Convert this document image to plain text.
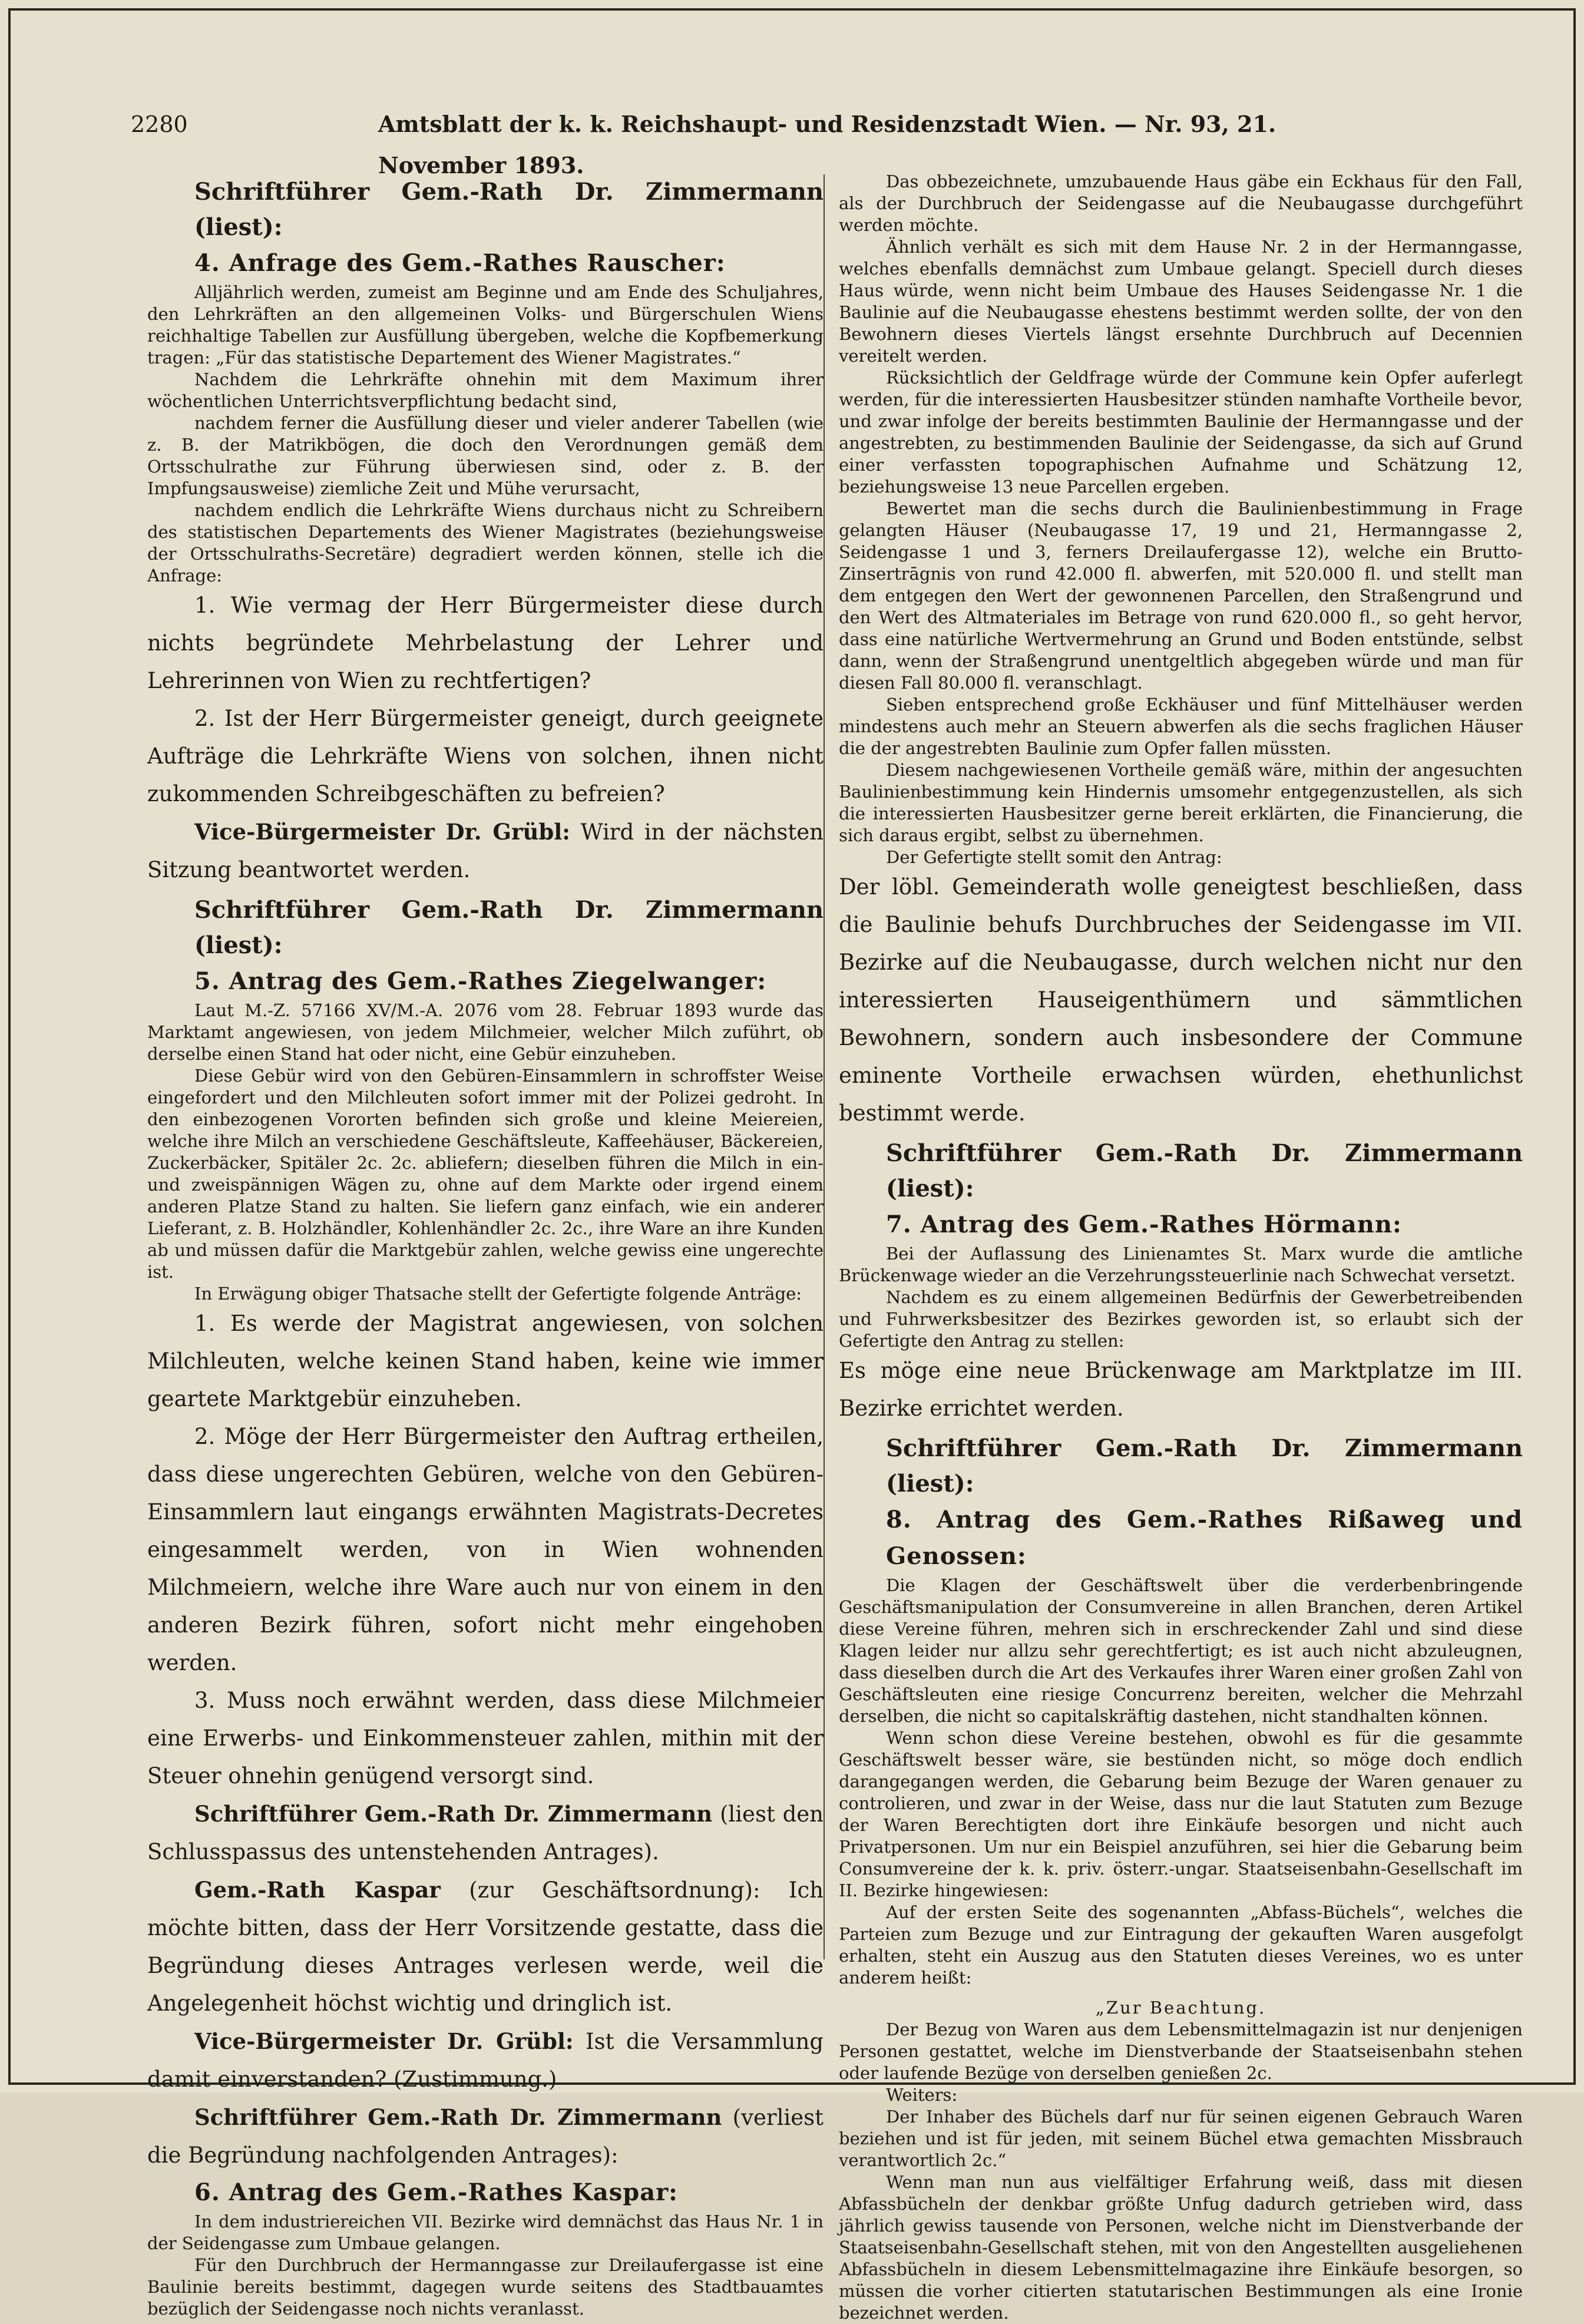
2280	Amtsblatt der k. k. Reichshaupt- und Residenzstadt Wien. — Nr. 93, 21. November 1893.

Schriftführer Gem.-Rath Dr. Zimmermann (liest):

4. Anfrage des Gem.-Rathes Rauscher:

Alljährlich werden, zumeist am Beginne und am Ende des Schuljahres, den Lehrkräften an den allgemeinen Volks- und Bürgerschulen Wiens reichhaltige Tabellen zur Ausfüllung übergeben, welche die Kopfbemerkung tragen: „Für das statistische Departement des Wiener Magistrates.“

Nachdem die Lehrkräfte ohnehin mit dem Maximum ihrer wöchentlichen Unterrichtsverpflichtung bedacht sind,

nachdem ferner die Ausfüllung dieser und vieler anderer Tabellen (wie z. B. der Matrikbögen, die doch den Verordnungen gemäß dem Ortsschulrathe zur Führung überwiesen sind, oder z. B. der Impfungsausweise) ziemliche Zeit und Mühe verursacht,

nachdem endlich die Lehrkräfte Wiens durchaus nicht zu Schreibern des statistischen Departements des Wiener Magistrates (beziehungsweise der Ortsschulraths-Secretäre) degradiert werden können, stelle ich die Anfrage:

1. Wie vermag der Herr Bürgermeister diese durch nichts begründete Mehrbelastung der Lehrer und Lehrerinnen von Wien zu rechtfertigen?

2. Ist der Herr Bürgermeister geneigt, durch geeignete Aufträge die Lehrkräfte Wiens von solchen, ihnen nicht zukommenden Schreibgeschäften zu befreien?

Vice-Bürgermeister Dr. Grübl: Wird in der nächsten Sitzung beantwortet werden.

Schriftführer Gem.-Rath Dr. Zimmermann (liest):

5. Antrag des Gem.-Rathes Ziegelwanger:

Laut M.-Z. 57166 XV/M.-A. 2076 vom 28. Februar 1893 wurde das Marktamt angewiesen, von jedem Milchmeier, welcher Milch zuführt, ob derselbe einen Stand hat oder nicht, eine Gebür einzuheben.

Diese Gebür wird von den Gebüren-Einsammlern in schroffster Weise eingefordert und den Milchleuten sofort immer mit der Polizei gedroht. In den einbezogenen Vororten befinden sich große und kleine Meiereien, welche ihre Milch an verschiedene Geschäftsleute, Kaffeehäuser, Bäckereien, Zuckerbäcker, Spitäler 2c. 2c. abliefern; dieselben führen die Milch in ein- und zweispännigen Wägen zu, ohne auf dem Markte oder irgend einem anderen Platze Stand zu halten. Sie liefern ganz einfach, wie ein anderer Lieferant, z. B. Holzhändler, Kohlenhändler 2c. 2c., ihre Ware an ihre Kunden ab und müssen dafür die Marktgebür zahlen, welche gewiss eine ungerechte ist.

In Erwägung obiger Thatsache stellt der Gefertigte folgende Anträge:

1. Es werde der Magistrat angewiesen, von solchen Milchleuten, welche keinen Stand haben, keine wie immer geartete Marktgebür einzuheben.

2. Möge der Herr Bürgermeister den Auftrag ertheilen, dass diese ungerechten Gebüren, welche von den Gebüren-Einsammlern laut eingangs erwähnten Magistrats-Decretes eingesammelt werden, von in Wien wohnenden Milchmeiern, welche ihre Ware auch nur von einem in den anderen Bezirk führen, sofort nicht mehr eingehoben werden.

3. Muss noch erwähnt werden, dass diese Milchmeier eine Erwerbs- und Einkommensteuer zahlen, mithin mit der Steuer ohnehin genügend versorgt sind.

Schriftführer Gem.-Rath Dr. Zimmermann (liest den Schlusspassus des untenstehenden Antrages).

Gem.-Rath Kaspar (zur Geschäftsordnung): Ich möchte bitten, dass der Herr Vorsitzende gestatte, dass die Begründung dieses Antrages verlesen werde, weil die Angelegenheit höchst wichtig und dringlich ist.

Vice-Bürgermeister Dr. Grübl: Ist die Versammlung damit einverstanden? (Zustimmung.)

Schriftführer Gem.-Rath Dr. Zimmermann (verliest die Begründung nachfolgenden Antrages):

6. Antrag des Gem.-Rathes Kaspar:

In dem industriereichen VII. Bezirke wird demnächst das Haus Nr. 1 in der Seidengasse zum Umbaue gelangen.

Für den Durchbruch der Hermanngasse zur Dreilaufergasse ist eine Baulinie bereits bestimmt, dagegen wurde seitens des Stadtbauamtes bezüglich der Seidengasse noch nichts veranlasst.

Das obbezeichnete, umzubauende Haus gäbe ein Eckhaus für den Fall, als der Durchbruch der Seidengasse auf die Neubaugasse durchgeführt werden möchte.

Ähnlich verhält es sich mit dem Hause Nr. 2 in der Hermanngasse, welches ebenfalls demnächst zum Umbaue gelangt. Speciell durch dieses Haus würde, wenn nicht beim Umbaue des Hauses Seidengasse Nr. 1 die Baulinie auf die Neubaugasse ehestens bestimmt werden sollte, der von den Bewohnern dieses Viertels längst ersehnte Durchbruch auf Decennien vereitelt werden.

Rücksichtlich der Geldfrage würde der Commune kein Opfer auferlegt werden, für die interessierten Hausbesitzer stünden namhafte Vortheile bevor, und zwar infolge der bereits bestimmten Baulinie der Hermanngasse und der angestrebten, zu bestimmenden Baulinie der Seidengasse, da sich auf Grund einer verfassten topographischen Aufnahme und Schätzung 12, beziehungsweise 13 neue Parcellen ergeben.

Bewertet man die sechs durch die Baulinienbestimmung in Frage gelangten Häuser (Neubaugasse 17, 19 und 21, Hermanngasse 2, Seidengasse 1 und 3, ferners Dreilaufergasse 12), welche ein Brutto-Zinsertrāgnis von rund 42.000 fl. abwerfen, mit 520.000 fl. und stellt man dem entgegen den Wert der gewonnenen Parcellen, den Straßengrund und den Wert des Altmateriales im Betrage von rund 620.000 fl., so geht hervor, dass eine natürliche Wertvermehrung an Grund und Boden entstünde, selbst dann, wenn der Straßengrund unentgeltlich abgegeben würde und man für diesen Fall 80.000 fl. veranschlagt.

Sieben entsprechend große Eckhäuser und fünf Mittelhäuser werden mindestens auch mehr an Steuern abwerfen als die sechs fraglichen Häuser die der angestrebten Baulinie zum Opfer fallen müssten.

Diesem nachgewiesenen Vortheile gemäß wäre, mithin der angesuchten Baulinienbestimmung kein Hindernis umsomehr entgegenzustellen, als sich die interessierten Hausbesitzer gerne bereit erklärten, die Financierung, die sich daraus ergibt, selbst zu übernehmen.

Der Gefertigte stellt somit den Antrag:

Der löbl. Gemeinderath wolle geneigtest beschließen, dass die Baulinie behufs Durchbruches der Seidengasse im VII. Bezirke auf die Neubaugasse, durch welchen nicht nur den interessierten Hauseigenthümern und sämmtlichen Bewohnern, sondern auch insbesondere der Commune eminente Vortheile erwachsen würden, ehethunlichst bestimmt werde.

Schriftführer Gem.-Rath Dr. Zimmermann (liest):

7. Antrag des Gem.-Rathes Hörmann:

Bei der Auflassung des Linienamtes St. Marx wurde die amtliche Brückenwage wieder an die Verzehrungssteuerlinie nach Schwechat versetzt.

Nachdem es zu einem allgemeinen Bedürfnis der Gewerbetreibenden und Fuhrwerksbesitzer des Bezirkes geworden ist, so erlaubt sich der Gefertigte den Antrag zu stellen:

Es möge eine neue Brückenwage am Marktplatze im III. Bezirke errichtet werden.

Schriftführer Gem.-Rath Dr. Zimmermann (liest):

8. Antrag des Gem.-Rathes Rißaweg und Genossen:

Die Klagen der Geschäftswelt über die verderbenbringende Geschäftsmanipulation der Consumvereine in allen Branchen, deren Artikel diese Vereine führen, mehren sich in erschreckender Zahl und sind diese Klagen leider nur allzu sehr gerechtfertigt; es ist auch nicht abzuleugnen, dass dieselben durch die Art des Verkaufes ihrer Waren einer großen Zahl von Geschäftsleuten eine riesige Concurrenz bereiten, welcher die Mehrzahl derselben, die nicht so capitalskräftig dastehen, nicht standhalten können.

Wenn schon diese Vereine bestehen, obwohl es für die gesammte Geschäftswelt besser wäre, sie bestünden nicht, so möge doch endlich darangegangen werden, die Gebarung beim Bezuge der Waren genauer zu controlieren, und zwar in der Weise, dass nur die laut Statuten zum Bezuge der Waren Berechtigten dort ihre Einkäufe besorgen und nicht auch Privatpersonen. Um nur ein Beispiel anzuführen, sei hier die Gebarung beim Consumvereine der k. k. priv. österr.-ungar. Staatseisenbahn-Gesellschaft im II. Bezirke hingewiesen:

Auf der ersten Seite des sogenannten „Abfass-Büchels“, welches die Parteien zum Bezuge und zur Eintragung der gekauften Waren ausgefolgt erhalten, steht ein Auszug aus den Statuten dieses Vereines, wo es unter anderem heißt:

„Zur Beachtung.

Der Bezug von Waren aus dem Lebensmittelmagazin ist nur denjenigen Personen gestattet, welche im Dienstverbande der Staatseisenbahn stehen oder laufende Bezüge von derselben genießen 2c.

Weiters:

Der Inhaber des Büchels darf nur für seinen eigenen Gebrauch Waren beziehen und ist für jeden, mit seinem Büchel etwa gemachten Missbrauch verantwortlich 2c.“

Wenn man nun aus vielfältiger Erfahrung weiß, dass mit diesen Abfassbücheln der denkbar größte Unfug dadurch getrieben wird, dass jährlich gewiss tausende von Personen, welche nicht im Dienstverbande der Staatseisenbahn-Gesellschaft stehen, mit von den Angestellten ausgeliehenen Abfassbücheln in diesem Lebensmittelmagazine ihre Einkäufe besorgen, so müssen die vorher citierten statutarischen Bestimmungen als eine Ironie bezeichnet werden.
